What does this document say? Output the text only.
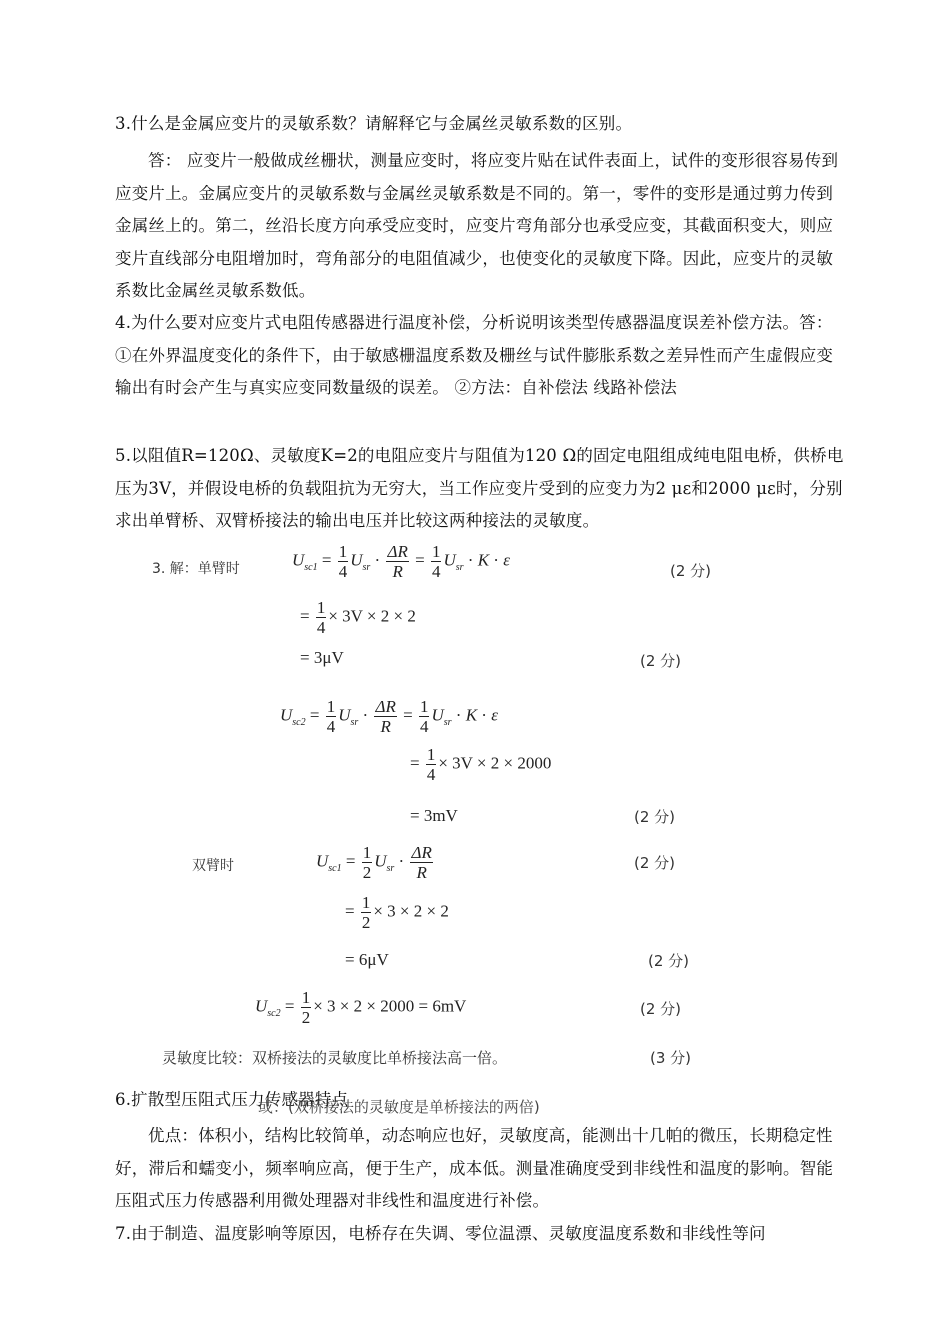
3.什么是金属应变片的灵敏系数？请解释它与金属丝灵敏系数的区别。
答： 应变片一般做成丝栅状，测量应变时，将应变片贴在试件表面上，试件的变形很容易传到应变片上。金属应变片的灵敏系数与金属丝灵敏系数是不同的。第一，零件的变形是通过剪力传到金属丝上的。第二，丝沿长度方向承受应变时，应变片弯角部分也承受应变，其截面积变大，则应变片直线部分电阻增加时，弯角部分的电阻值减少，也使变化的灵敏度下降。因此，应变片的灵敏系数比金属丝灵敏系数低。
4.为什么要对应变片式电阻传感器进行温度补偿，分析说明该类型传感器温度误差补偿方法。答：①在外界温度变化的条件下，由于敏感栅温度系数及栅丝与试件膨胀系数之差异性而产生虚假应变输出有时会产生与真实应变同数量级的误差。 ②方法：自补偿法 线路补偿法
5.以阻值R=120Ω、灵敏度K=2的电阻应变片与阻值为120 Ω的固定电阻组成纯电阻电桥，供桥电压为3V，并假设电桥的负载阻抗为无穷大，当工作应变片受到的应变力为2 με和2000 με时，分别求出单臂桥、双臂桥接法的输出电压并比较这两种接法的灵敏度。
3. 解：单臂时	$U_{sc1} = \frac{1}{4} U_{sr} \cdot \frac{\Delta R}{R} = \frac{1}{4} U_{sr} \cdot K \cdot \varepsilon$
(2 分)
= $\frac{1}{4} \times 3V \times 2 \times 2$
= 3μV	(2 分)
$U_{sc2} = \frac{1}{4} U_{sr} \cdot \frac{\Delta R}{R} = \frac{1}{4} U_{sr} \cdot K \cdot \varepsilon$
= $\frac{1}{4} \times 3V \times 2 \times 2000$
= 3mV	(2 分)
双臂时	$U_{sc1} = \frac{1}{2} U_{sr} \cdot \frac{\Delta R}{R}$	(2 分)
= $\frac{1}{2} \times 3 \times 2 \times 2$
= 6μV	(2 分)
$U_{sc2} = \frac{1}{2} \times 3 \times 2 \times 2000 = 6mV$	(2 分)
灵敏度比较：双桥接法的灵敏度比单桥接法高一倍。	(3 分)
6.扩散型压阻式压力传感器特点
或：(双桥接法的灵敏度是单桥接法的两倍)
优点：体积小，结构比较简单，动态响应也好，灵敏度高，能测出十几帕的微压，长期稳定性好，滞后和蠕变小，频率响应高，便于生产，成本低。测量准确度受到非线性和温度的影响。智能压阻式压力传感器利用微处理器对非线性和温度进行补偿。
7.由于制造、温度影响等原因，电桥存在失调、零位温漂、灵敏度温度系数和非线性等问
